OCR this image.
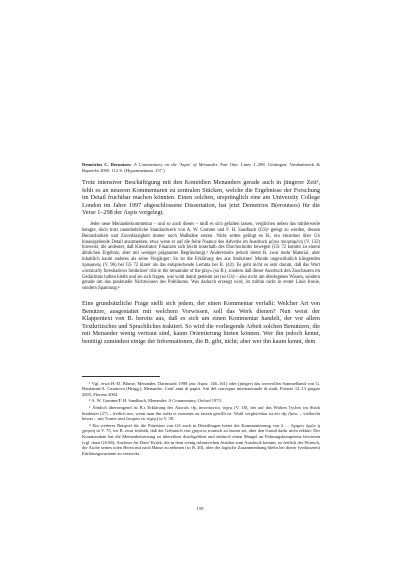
Demetrios C. Beroutsos: A Commentary on the 'Aspis' of Menander. Part One: Lines 1–298. Göttingen: Vandenhoeck & Ruprecht 2005. 112 S. (Hypomnemata. 157.)

Trotz intensiver Beschäftigung mit den Komödien Menanders gerade auch in jüngerer Zeit¹, fehlt es an neueren Kommentaren zu zentralen Stücken, welche die Ergebnisse der Forschung im Detail fruchtbar machen könnten. Einen solchen, ursprünglich eine am University College London im Jahre 1997 abgeschlossene Dissertation, hat jetzt Demetrios B(eroutsos) für die Verse 1–298 der Aspis vorgelegt.

Jeder neue Menanderkommentar – und so auch dieser – muß es sich gefallen lassen, verglichen neben das mittlerweile betagte, doch trotz unentbehrliche Standardwerk von A. W. Gomme und F. H. Sandbach (GS)² gelegt zu werden, dessen Benutzbarkeit und Zuverlässigkeit immer noch Maßstäbe setzen. Nicht selten gelingt es B., ein einzelnes über GS hinausgehende Detail anzumerken, etwa wenn er auf die feine Nuance des Adverbs im Ausdruck μήπω ποιησαμένη (V. 132) hinweist, die andeutet, daß Kleostratos' Finanzen sich leicht innerhalb des Durchschnitts bewegen (GS 72 kommt zu einem ähnlichen Ergebnis, aber mit weniger prägnanter Begründung).³ Andererseits jedoch bietet B. zwar mehr Material, aber inhaltlich kaum anderes als seine Vorgänger: So ist die Erklärung des aus Smikrines' Munde ungewöhnlich klingenden προφανῶς (V. 96) bei GS 72 klarer als das entsprechende Lemma bei B. (43): Es geht nicht so sehr darum, daß das Wort »ironically foreshadows Smikrines' rôle in the remainder of the play« (so B.), sondern daß dieser Ausdruck den Zuschauern im Gedächtnis haften bleibt und sie sich fragen, was wohl damit gemeint sei (so GS) – also nicht um überlegenes Wissen, sondern gerade um das punktuelle Nichtwissen des Publikums. Was dadurch erzeugt wird, ist mithin nicht in erster Linie Ironie, sondern Spannung.⁴

Eine grundsätzliche Frage stellt sich jedem, der einen Kommentar verfaßt: Welcher Art von Benutzer, ausgestattet mit welchem Vorwissen, soll das Werk dienen? Nun weist der Klappentext von B. bereits aus, daß es sich um einen Kommentar handelt, der vor allem Textkritisches und Sprachliches traktiert. So wird die vorliegende Arbeit solchen Benutzern, die mit Menander wenig vertraut sind, kaum Orientierung bieten können. Wer ihn jedoch kennt, benötigt zumindest einige der Informationen, die B. gibt, nicht; aber wer ihn kaum kennt, dem

¹ Vgl. etwa H.-D. Blume, Menander, Darmstadt 1998 (zur Aspis: 146–161) oder (jünger) das wertvollen Sammelband von G. Bastianini/A. Casanova (Hrsgg.), Menandro. Cent' anni di papiri. Atti del convegno internazionale di studi, Firenze 12–13 giugno 2003, Florenz 2004.

² A. W. Gomme/F. H. Sandbach, Menander. A Commentary, Oxford 1973.

³ Ähnlich überzeugend ist B.s Erklärung des Ausrufs τῆς ἀπιστίαντος τύχης (V. 18), der auf das Wirken Tyches im Stück hindeutet (27) – freilich nur, wenn man ihn strikt et exeuntes zu fassen gewillt ist. Wohl vergleichbar ist ἐπὶ τῆς (bzw. – vielleicht besser – mit Turner und Jacques ἐκ τύχης) in V. 58.

⁴ Ein weiteres Beispiel für die Präzision von GS auch in Detailfragen bietet die Kommentierung von δ … ἤγαμεν ἡμῶν ἡ χρηστή in V. 75, wo B. zwar festhält, daß der Gebrauch von χρηστός ironisch zu fassen sei, aber den Grund dafür nicht erklärt: Der Kommandant hat die Meinenbeisetzung zu übereiltest durchgeführt und dadurch einen Mangel an Führungskompetenz bewiesen (vgl. dazu GS 68); Auslöser für Daos' Kritik, die in dem wenig ruhmreichen Attribut zum Ausdruck kommt, ist freilich der Wunsch, die Asche seines toten Herrn mit nach Hause zu nehmen (so B. 40), aber der logische Zusammenhang bleibt bei dieser (verkürzten) Erklärungsvariante zu versteckt.

159
